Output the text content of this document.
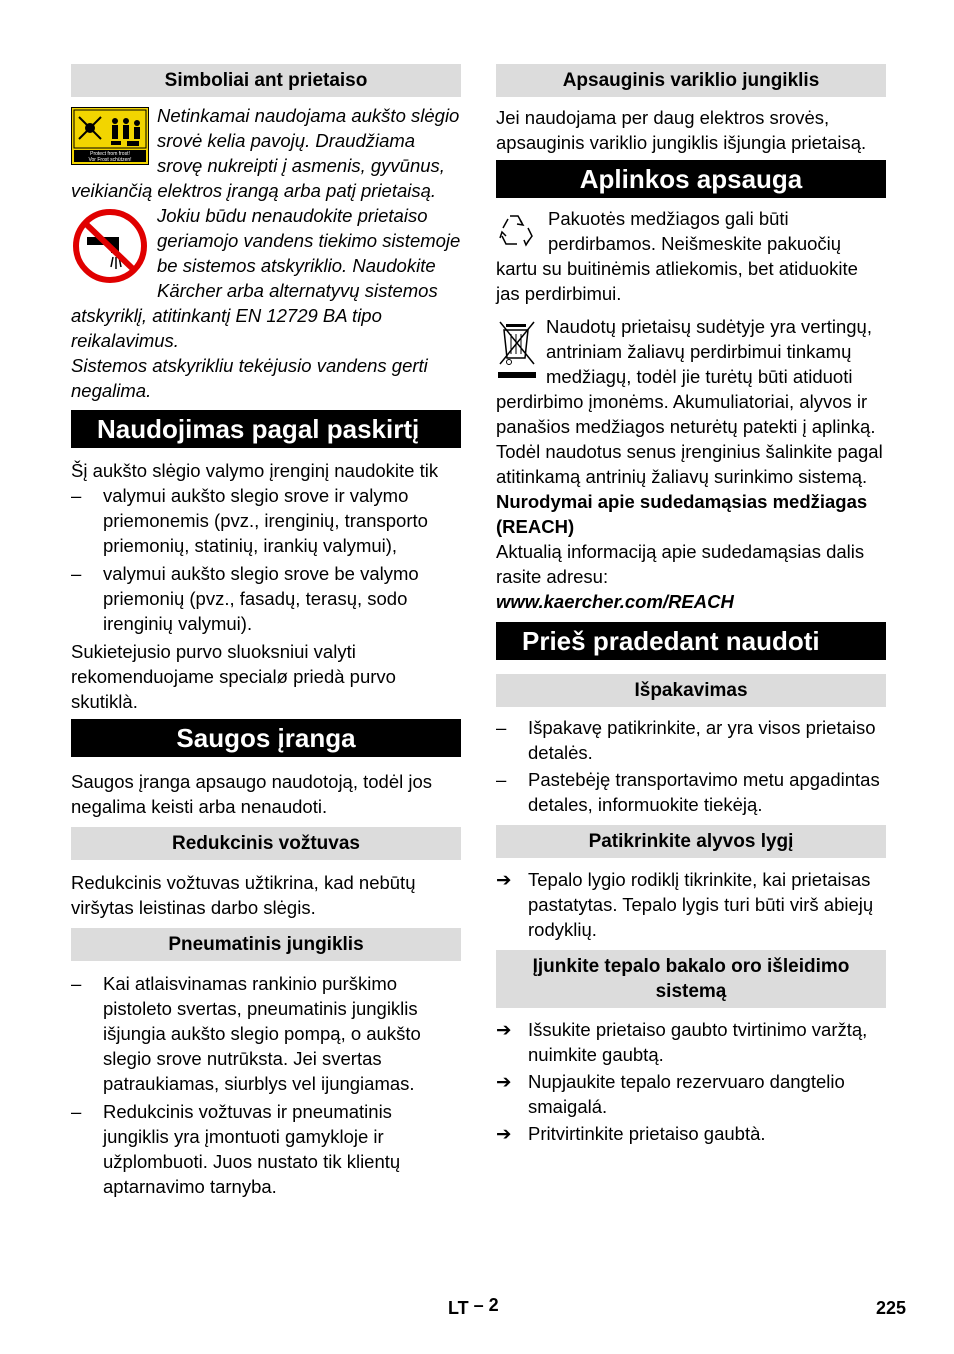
Simboliai ant prietaiso
Protect from frost!
Vor Frost schützen!

Netinkamai naudojama aukšto slėgio srovė kelia pavojų. Draudžiama srovę nukreipti į asmenis, gyvūnus, veikiančią elektros įrangą arba patį prietaisą.

Jokiu būdu nenaudokite prietaiso geriamojo vandens tiekimo sistemoje be sistemos atskyriklio. Naudokite Kärcher arba alternatyvų sistemos atskyriklį, atitinkantį EN 12729 BA tipo reikalavimus.

Sistemos atskyrikliu tekėjusio vandens gerti negalima.

Naudojimas pagal paskirtį

Šį aukšto slėgio valymo įrenginį naudokite tik

– valymui aukšto slegio srove ir valymo priemonemis (pvz., irenginių, transporto priemonių, statinių, irankių valymui),

– valymui aukšto slegio srove be valymo priemonių (pvz., fasadų, terasų, sodo irenginių valymui).

Sukietejusio purvo sluoksniui valyti rekomenduojame specialø priedà purvo skutiklà.

Saugos įranga

Saugos įranga apsaugo naudotoją, todėl jos negalima keisti arba nenaudoti.

Redukcinis vožtuvas

Redukcinis vožtuvas užtikrina, kad nebūtų viršytas leistinas darbo slėgis.

Pneumatinis jungiklis

– Kai atlaisvinamas rankinio purškimo pistoleto svertas, pneumatinis jungiklis išjungia aukšto slegio pompą, o aukšto slegio srove nutrūksta. Jei svertas patraukiamas, siurblys vel ijungiamas.

– Redukcinis vožtuvas ir pneumatinis jungiklis yra įmontuoti gamykloje ir užplombuoti. Juos nustato tik klientų aptarnavimo tarnyba.

Apsauginis variklio jungiklis

Jei naudojama per daug elektros srovės, apsauginis variklio jungiklis išjungia prietaisą.

Aplinkos apsauga

Pakuotės medžiagos gali būti perdirbamos. Neišmeskite pakuočių kartu su buitinėmis atliekomis, bet atiduokite jas perdirbimui.

Naudotų prietaisų sudėtyje yra vertingų, antriniam žaliavų perdirbimui tinkamų medžiagų, todėl jie turėtų būti atiduoti perdirbimo įmonėms. Akumuliatoriai, alyvos ir panašios medžiagos neturėtų patekti į aplinką. Todėl naudotus senus įrenginius šalinkite pagal atitinkamą antrinių žaliavų surinkimo sistemą.

Nurodymai apie sudedamąsias medžiagas (REACH)

Aktualią informaciją apie sudedamąsias dalis rasite adresu:

www.kaercher.com/REACH

Prieš pradedant naudoti
Išpakavimas

– Išpakavę patikrinkite, ar yra visos prietaiso detalės.

– Pastebėję transportavimo metu apgadintas detales, informuokite tiekėją.

Patikrinkite alyvos lygį
➔ Tepalo lygio rodiklį tikrinkite, kai prietaisas pastatytas. Tepalo lygis turi būti virš abiejų rodyklių.
Įjunkite tepalo bakalo oro išleidimo sistemą
➔ Išsukite prietaiso gaubto tvirtinimo varžtą, nuimkite gaubtą.
➔ Nupjaukite tepalo rezervuaro dangtelio smaigalá.
➔ Pritvirtinkite prietaiso gaubtà.
LT – 2	225
